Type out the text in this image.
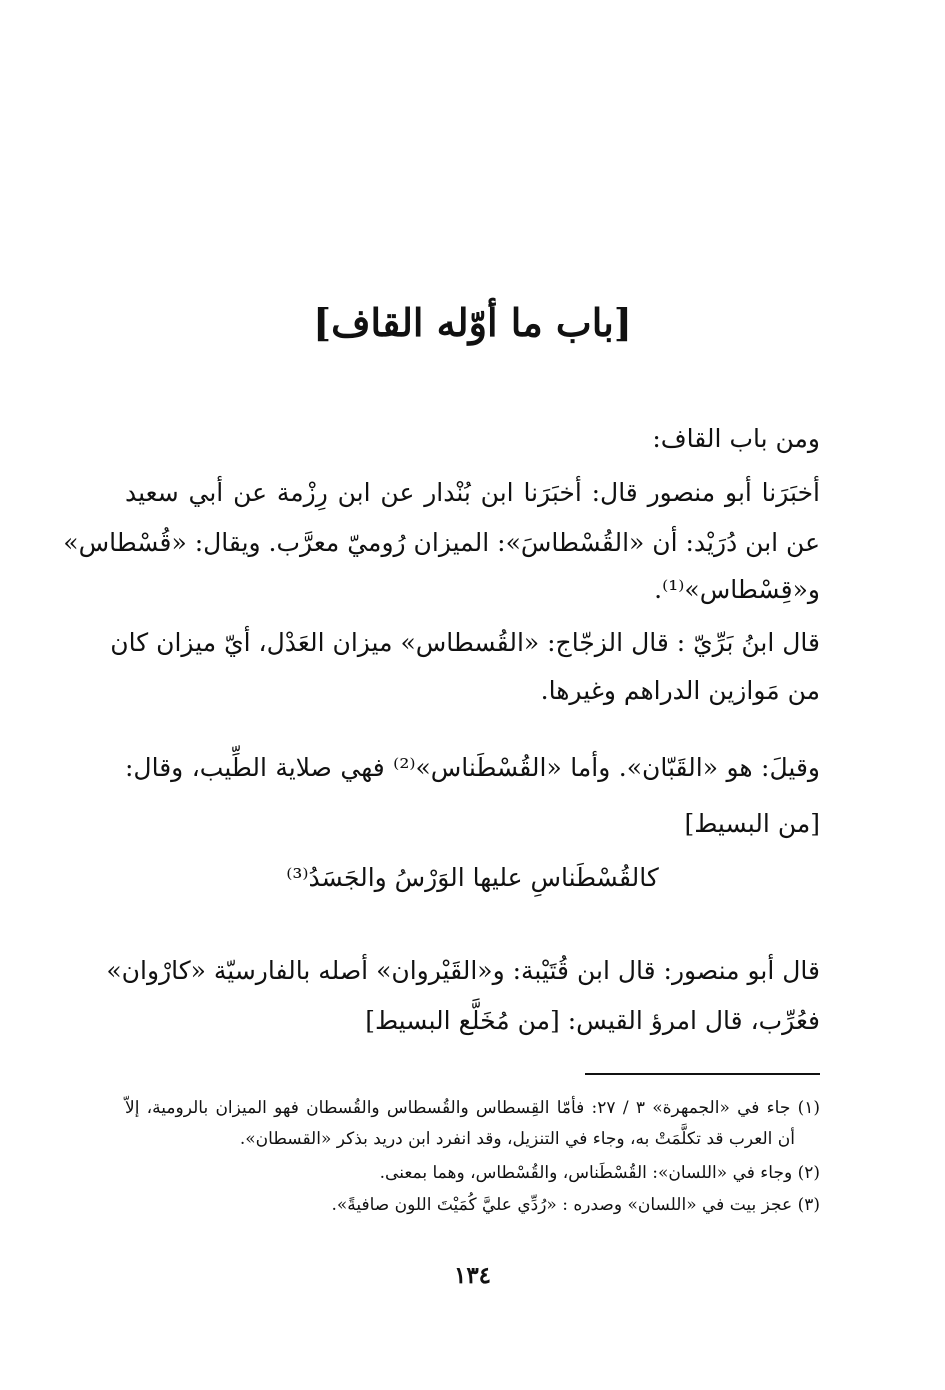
[باب ما أوّله القاف]
ومن باب القاف:
أخبَرَنا أبو منصور قال: أخبَرَنا ابن بُنْدار عن ابن رِزْمة عن أبي سعيد
عن ابن دُرَيْد: أن «القُسْطاسَ»: الميزان رُوميّ معرَّب. ويقال: «قُسْطاس»
و«قِسْطاس»⁽¹⁾.
قال ابنُ بَرِّيّ : قال الزجّاج: «القُسطاس» ميزان العَدْل، أيّ ميزان كان
من مَوازين الدراهم وغيرها.
وقيلَ: هو «القَبّان». وأما «القُسْطَناس»⁽²⁾ فهي صلاية الطِّيب، وقال:
[من البسيط]
كالقُسْطَناسِ عليها الوَرْسُ والجَسَدُ⁽³⁾
قال أبو منصور: قال ابن قُتَيْبة: و«القَيْروان» أصله بالفارسيّة «كارْوان»
فعُرِّب، قال امرؤ القيس: [من مُخَلَّع البسيط]
(١) جاء في «الجمهرة» ٣ / ٢٧: فأمّا القِسطاس والقُسطاس والقُسطان فهو الميزان بالرومية، إلاّ
أن العرب قد تكلَّمَتْ به، وجاء في التنزيل، وقد انفرد ابن دريد بذكر «القسطان».
(٢) وجاء في «اللسان»: القُسْطَناس، والقُسْطاس، وهما بمعنى.
(٣) عجز بيت في «اللسان» وصدره : «رُدِّي عليَّ كُمَيْتَ اللون صافيةً».
١٣٤
